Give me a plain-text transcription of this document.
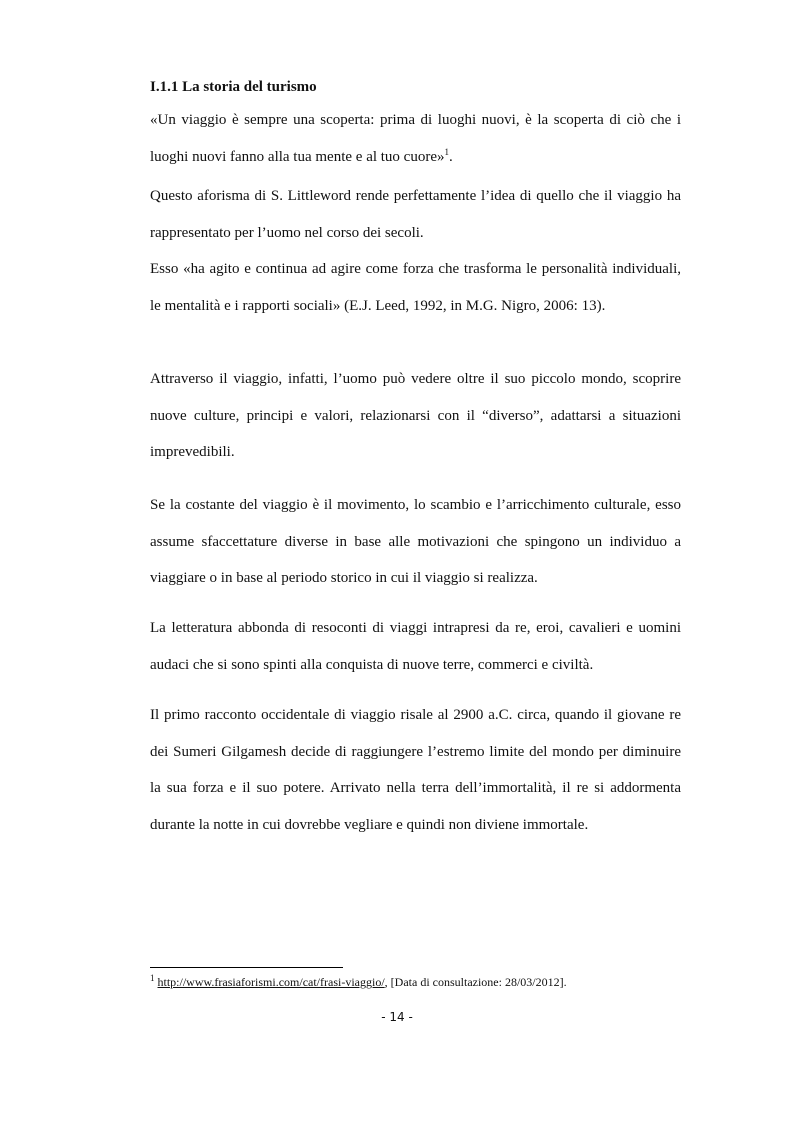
I.1.1 La storia del turismo

«Un viaggio è sempre una scoperta: prima di luoghi nuovi, è la scoperta di ciò che i luoghi nuovi fanno alla tua mente e al tuo cuore»$^1$.

Questo aforisma di S. Littleword rende perfettamente l’idea di quello che il viaggio ha rappresentato per l’uomo nel corso dei secoli.

Esso «ha agito e continua ad agire come forza che trasforma le personalità individuali, le mentalità e i rapporti sociali» (E.J. Leed, 1992, in M.G. Nigro, 2006: 13).

Attraverso il viaggio, infatti, l’uomo può vedere oltre il suo piccolo mondo, scoprire nuove culture, principi e valori, relazionarsi con il “diverso”, adattarsi a situazioni imprevedibili.

Se la costante del viaggio è il movimento, lo scambio e l’arricchimento culturale, esso assume sfaccettature diverse in base alle motivazioni che spingono un individuo a viaggiare o in base al periodo storico in cui il viaggio si realizza.

La letteratura abbonda di resoconti di viaggi intrapresi da re, eroi, cavalieri e uomini audaci che si sono spinti alla conquista di nuove terre, commerci e civiltà.

Il primo racconto occidentale di viaggio risale al 2900 a.C. circa, quando il giovane re dei Sumeri Gilgamesh decide di raggiungere l’estremo limite del mondo per diminuire la sua forza e il suo potere. Arrivato nella terra dell’immortalità, il re si addormenta durante la notte in cui dovrebbe vegliare e quindi non diviene immortale.

$^1$ http://www.frasiaforismi.com/cat/frasi-viaggio/, [Data di consultazione: 28/03/2012].
- 14 -
